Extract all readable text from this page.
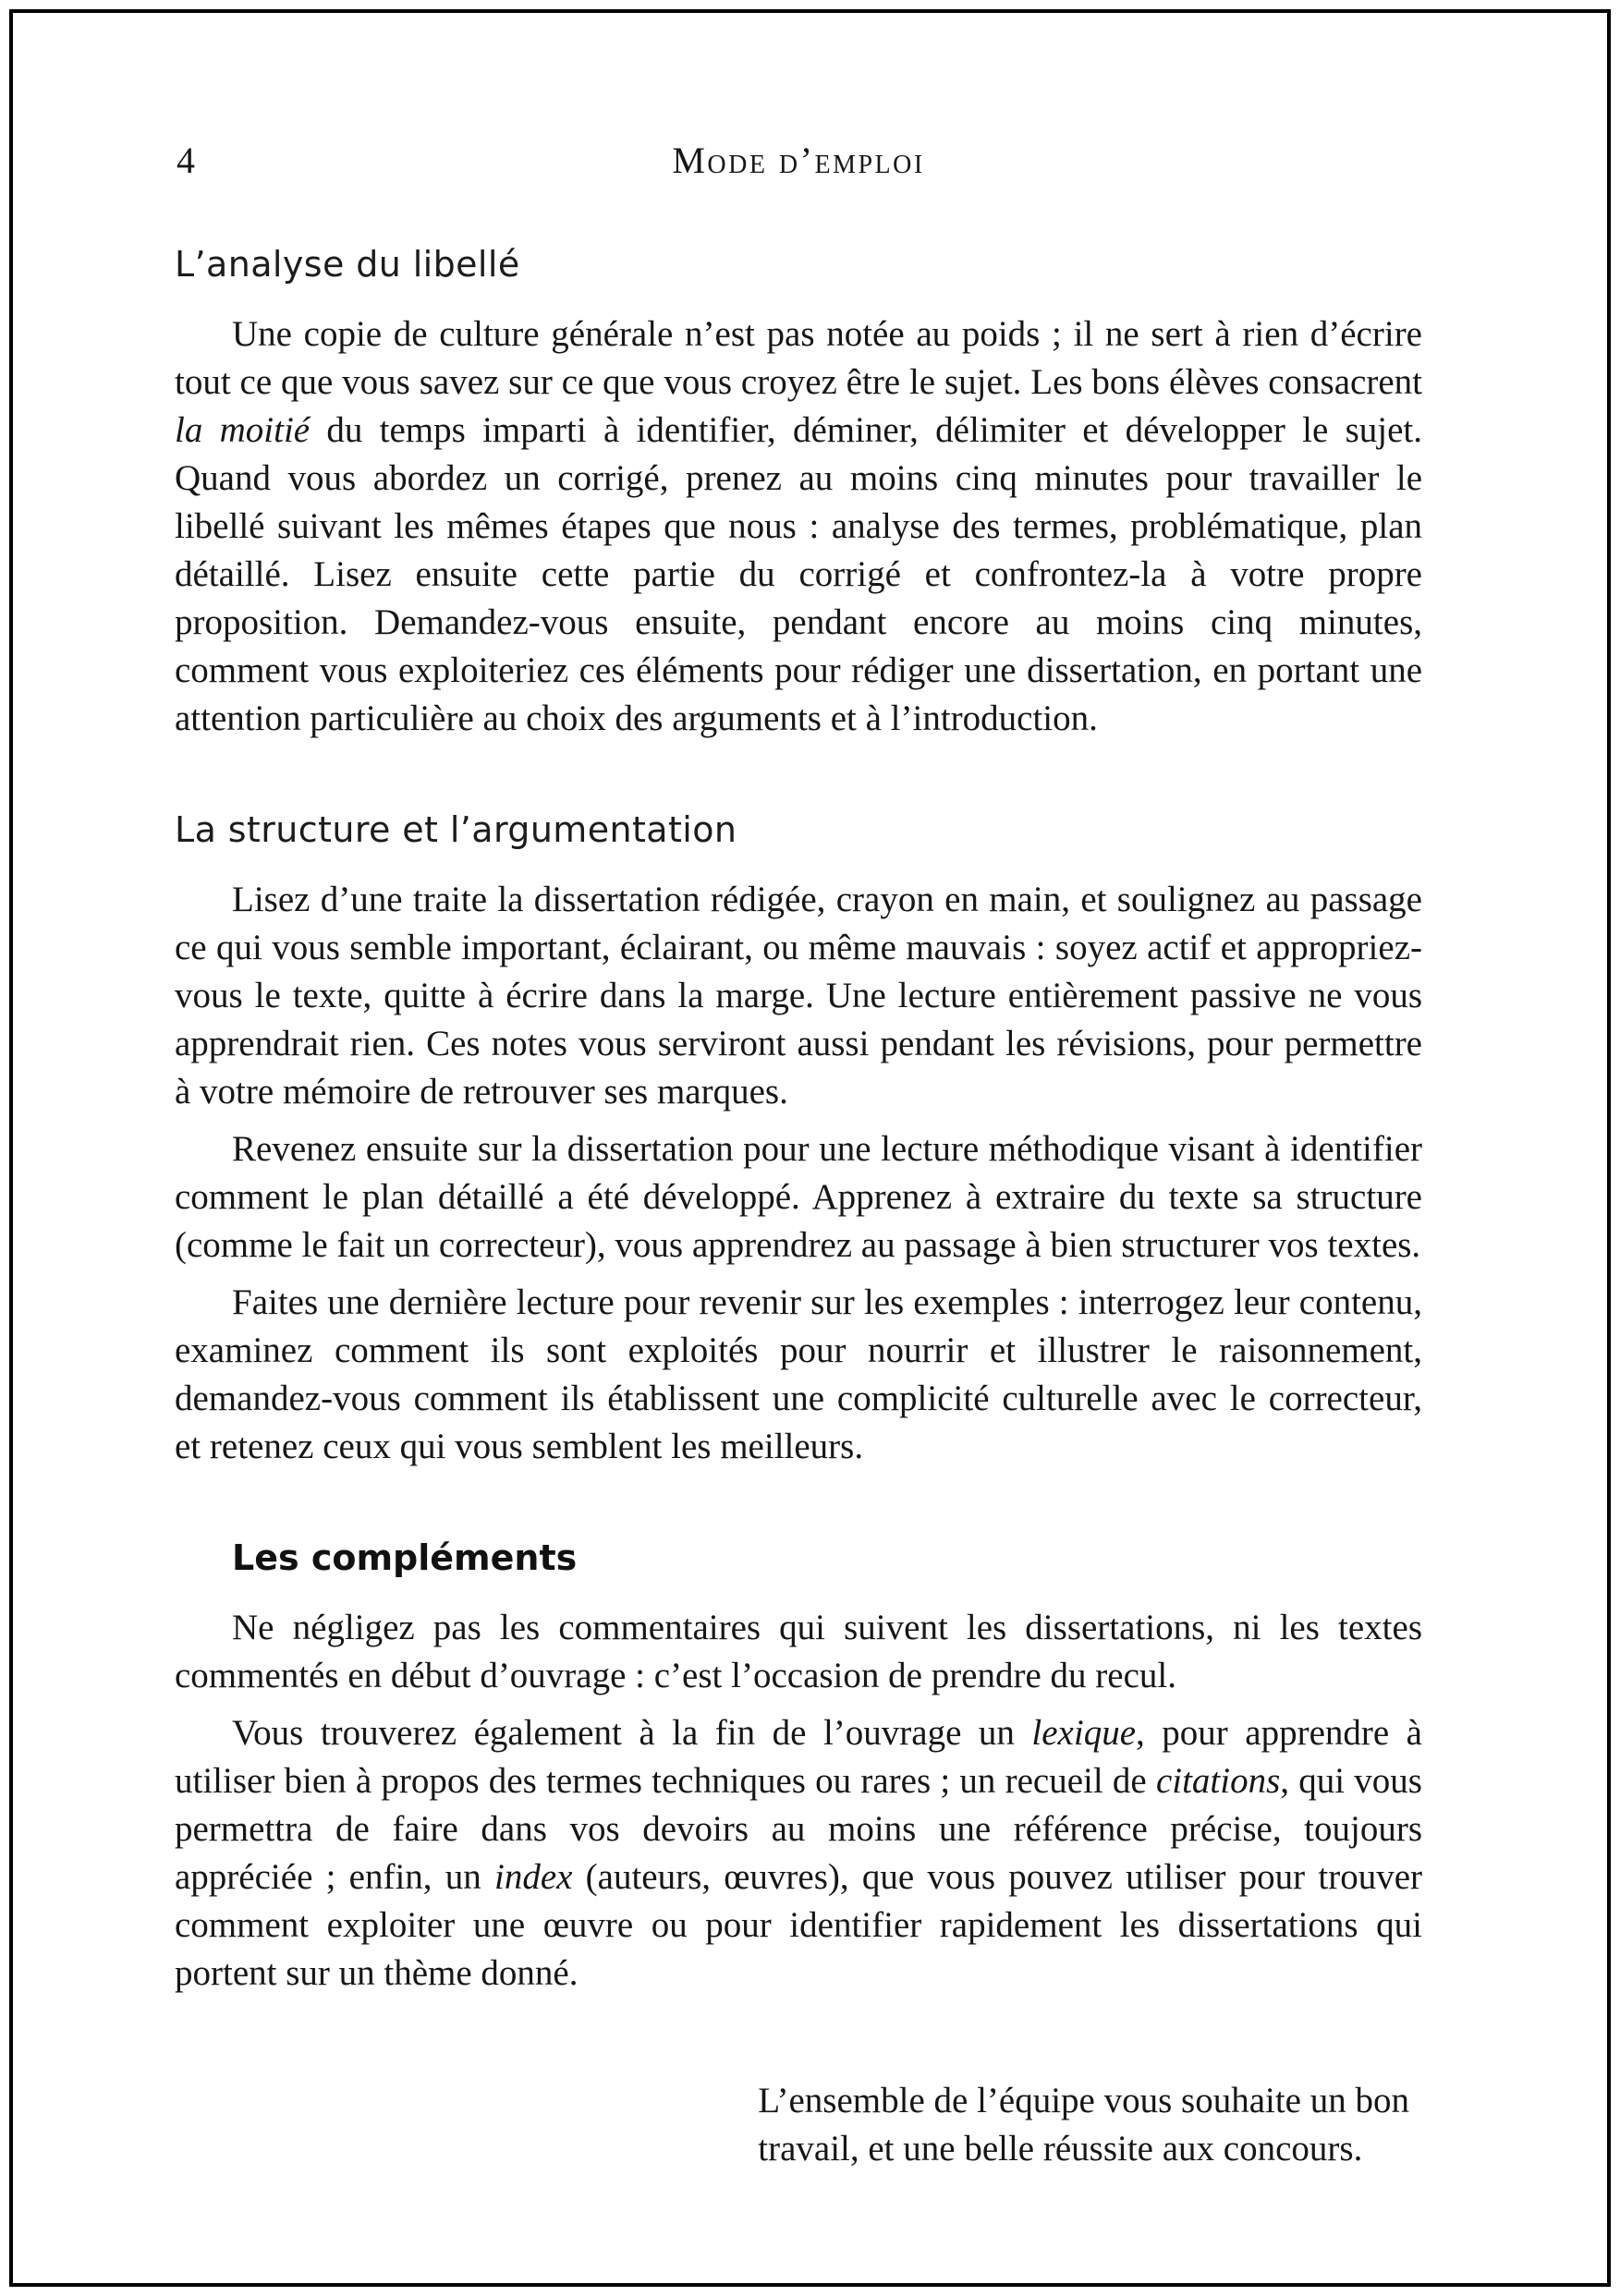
4	Mode d’emploi
L’analyse du libellé

Une copie de culture générale n’est pas notée au poids ; il ne sert à rien d’écrire tout ce que vous savez sur ce que vous croyez être le sujet. Les bons élèves consacrent la moitié du temps imparti à identifier, déminer, délimiter et développer le sujet. Quand vous abordez un corrigé, prenez au moins cinq minutes pour travailler le libellé suivant les mêmes étapes que nous : analyse des termes, problématique, plan détaillé. Lisez ensuite cette partie du corrigé et confrontez-la à votre propre proposition. Demandez-vous ensuite, pendant encore au moins cinq minutes, comment vous exploiteriez ces éléments pour rédiger une dissertation, en portant une attention particulière au choix des arguments et à l’introduction.

La structure et l’argumentation

Lisez d’une traite la dissertation rédigée, crayon en main, et soulignez au passage ce qui vous semble important, éclairant, ou même mauvais : soyez actif et appropriez-vous le texte, quitte à écrire dans la marge. Une lecture entièrement passive ne vous apprendrait rien. Ces notes vous serviront aussi pendant les révisions, pour permettre à votre mémoire de retrouver ses marques.

Revenez ensuite sur la dissertation pour une lecture méthodique visant à identifier comment le plan détaillé a été développé. Apprenez à extraire du texte sa structure (comme le fait un correcteur), vous apprendrez au passage à bien structurer vos textes.

Faites une dernière lecture pour revenir sur les exemples : interrogez leur contenu, examinez comment ils sont exploités pour nourrir et illustrer le raisonnement, demandez-vous comment ils établissent une complicité culturelle avec le correcteur, et retenez ceux qui vous semblent les meilleurs.

Les compléments

Ne négligez pas les commentaires qui suivent les dissertations, ni les textes commentés en début d’ouvrage : c’est l’occasion de prendre du recul.

Vous trouverez également à la fin de l’ouvrage un lexique, pour apprendre à utiliser bien à propos des termes techniques ou rares ; un recueil de citations, qui vous permettra de faire dans vos devoirs au moins une référence précise, toujours appréciée ; enfin, un index (auteurs, œuvres), que vous pouvez utiliser pour trouver comment exploiter une œuvre ou pour identifier rapidement les dissertations qui portent sur un thème donné.

L’ensemble de l’équipe vous souhaite un bon
travail, et une belle réussite aux concours.
